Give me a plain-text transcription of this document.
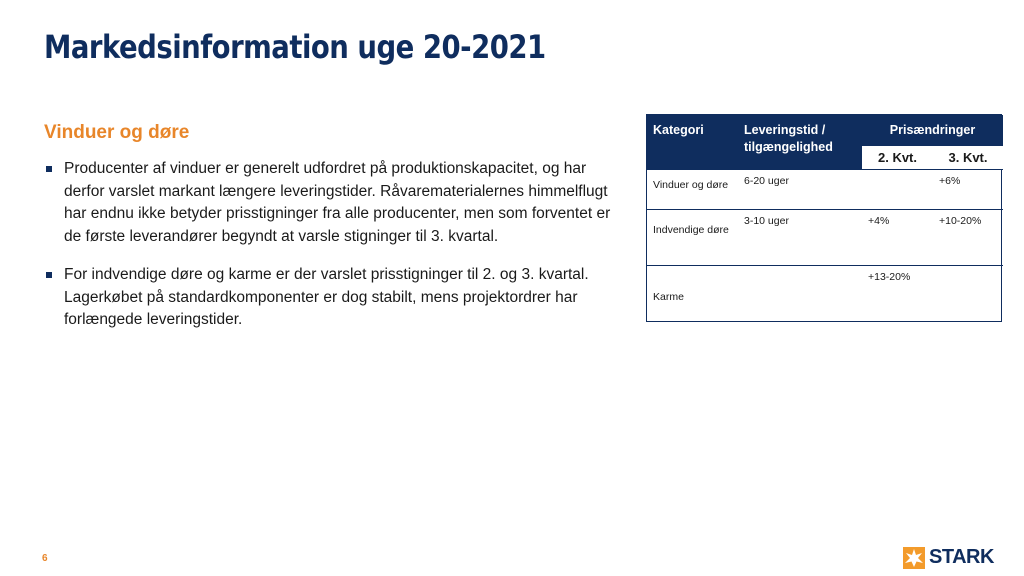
Markedsinformation uge 20-2021
Vinduer og døre
Producenter af vinduer er generelt udfordret på produktionskapacitet, og har derfor varslet markant længere leveringstider. Råvarematerialernes himmelflugt har endnu ikke betyder prisstigninger fra alle producenter, men som forventet er de første leverandører begyndt at varsle stigninger til 3. kvartal.
For indvendige døre og karme er der varslet prisstigninger til 2. og 3. kvartal. Lagerkøbet på standardkomponenter er dog stabilt, mens projektordrer har forlængede leveringstider.
Kategori	Leveringstid / tilgængelighed	Prisændringer	
		2. Kvt.	3. Kvt.
Vinduer og døre	6-20 uger		+6%
Indvendige døre	3-10 uger	+4%	+10-20%
Karme		+13-20%	
6	STARK
